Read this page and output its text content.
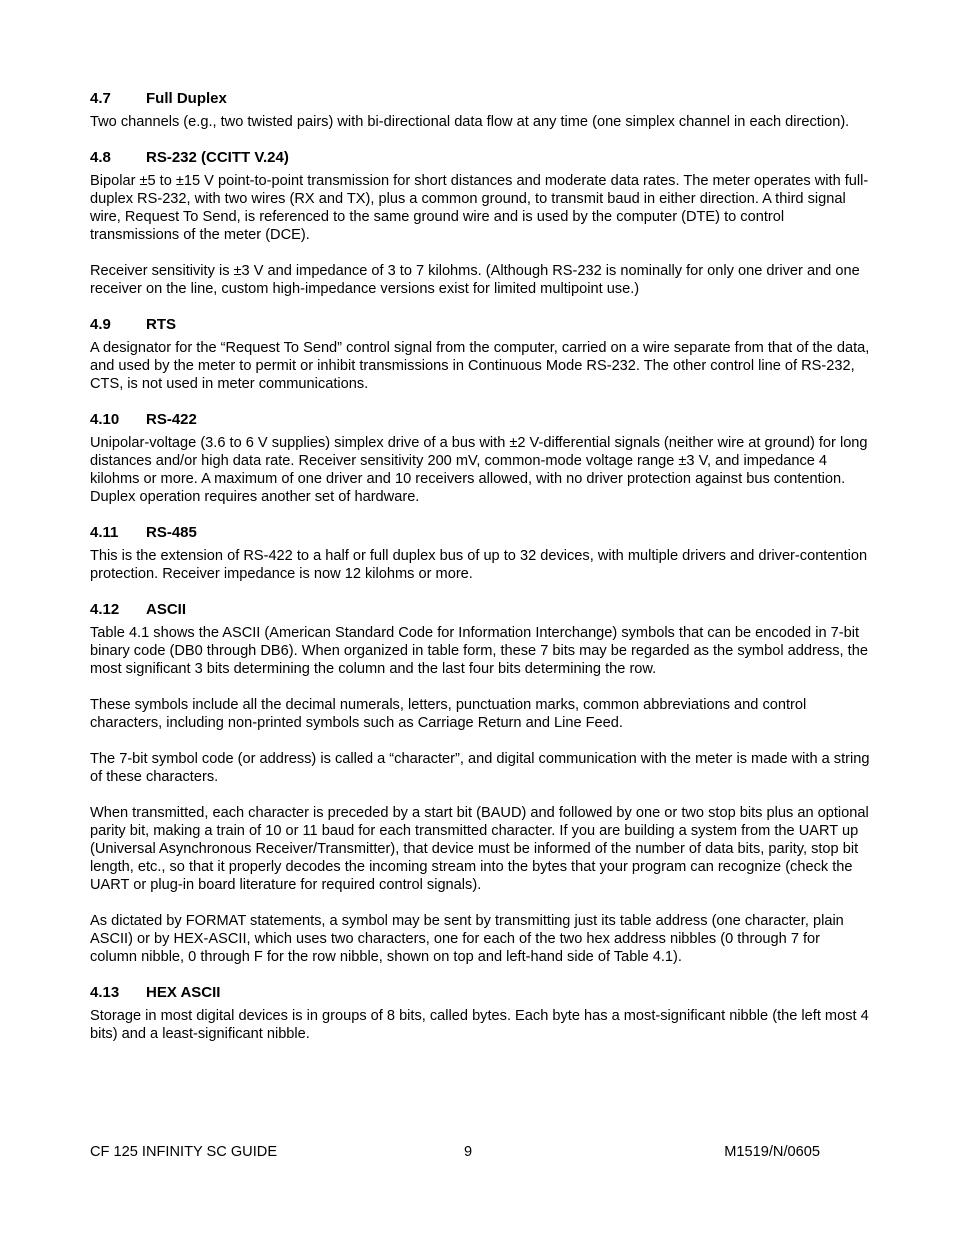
4.7	Full Duplex

Two channels (e.g., two twisted pairs) with bi-directional data flow at any time (one simplex channel in each direction).

4.8	RS-232 (CCITT V.24)

Bipolar ±5 to ±15 V point-to-point transmission for short distances and moderate data rates. The meter operates with full-duplex RS-232, with two wires (RX and TX), plus a common ground, to transmit baud in either direction. A third signal wire, Request To Send, is referenced to the same ground wire and is used by the computer (DTE) to control transmissions of the meter (DCE).

Receiver sensitivity is ±3 V and impedance of 3 to 7 kilohms. (Although RS-232 is nominally for only one driver and one receiver on the line, custom high-impedance versions exist for limited multipoint use.)

4.9	RTS

A designator for the “Request To Send” control signal from the computer, carried on a wire separate from that of the data, and used by the meter to permit or inhibit transmissions in Continuous Mode RS-232. The other control line of RS-232, CTS, is not used in meter communications.

4.10	RS-422

Unipolar-voltage (3.6 to 6 V supplies) simplex drive of a bus with ±2 V-differential signals (neither wire at ground) for long distances and/or high data rate. Receiver sensitivity 200 mV, common-mode voltage range ±3 V, and impedance 4 kilohms or more. A maximum of one driver and 10 receivers allowed, with no driver protection against bus contention. Duplex operation requires another set of hardware.

4.11	RS-485

This is the extension of RS-422 to a half or full duplex bus of up to 32 devices, with multiple drivers and driver-contention protection. Receiver impedance is now 12 kilohms or more.

4.12	ASCII

Table 4.1 shows the ASCII (American Standard Code for Information Interchange) symbols that can be encoded in 7-bit binary code (DB0 through DB6). When organized in table form, these 7 bits may be regarded as the symbol address, the most significant 3 bits determining the column and the last four bits determining the row.

These symbols include all the decimal numerals, letters, punctuation marks, common abbreviations and control characters, including non-printed symbols such as Carriage Return and Line Feed.

The 7-bit symbol code (or address) is called a “character”, and digital communication with the meter is made with a string of these characters.

When transmitted, each character is preceded by a start bit (BAUD) and followed by one or two stop bits plus an optional parity bit, making a train of 10 or 11 baud for each transmitted character. If you are building a system from the UART up (Universal Asynchronous Receiver/Transmitter), that device must be informed of the number of data bits, parity, stop bit length, etc., so that it properly decodes the incoming stream into the bytes that your program can recognize (check the UART or plug-in board literature for required control signals).

As dictated by FORMAT statements, a symbol may be sent by transmitting just its table address (one character, plain ASCII) or by HEX-ASCII, which uses two characters, one for each of the two hex address nibbles (0 through 7 for column nibble, 0 through F for the row nibble, shown on top and left-hand side of Table 4.1).

4.13	HEX ASCII

Storage in most digital devices is in groups of 8 bits, called bytes. Each byte has a most-significant nibble (the left most 4 bits) and a least-significant nibble.

CF 125 INFINITY SC GUIDE	9	M1519/N/0605
